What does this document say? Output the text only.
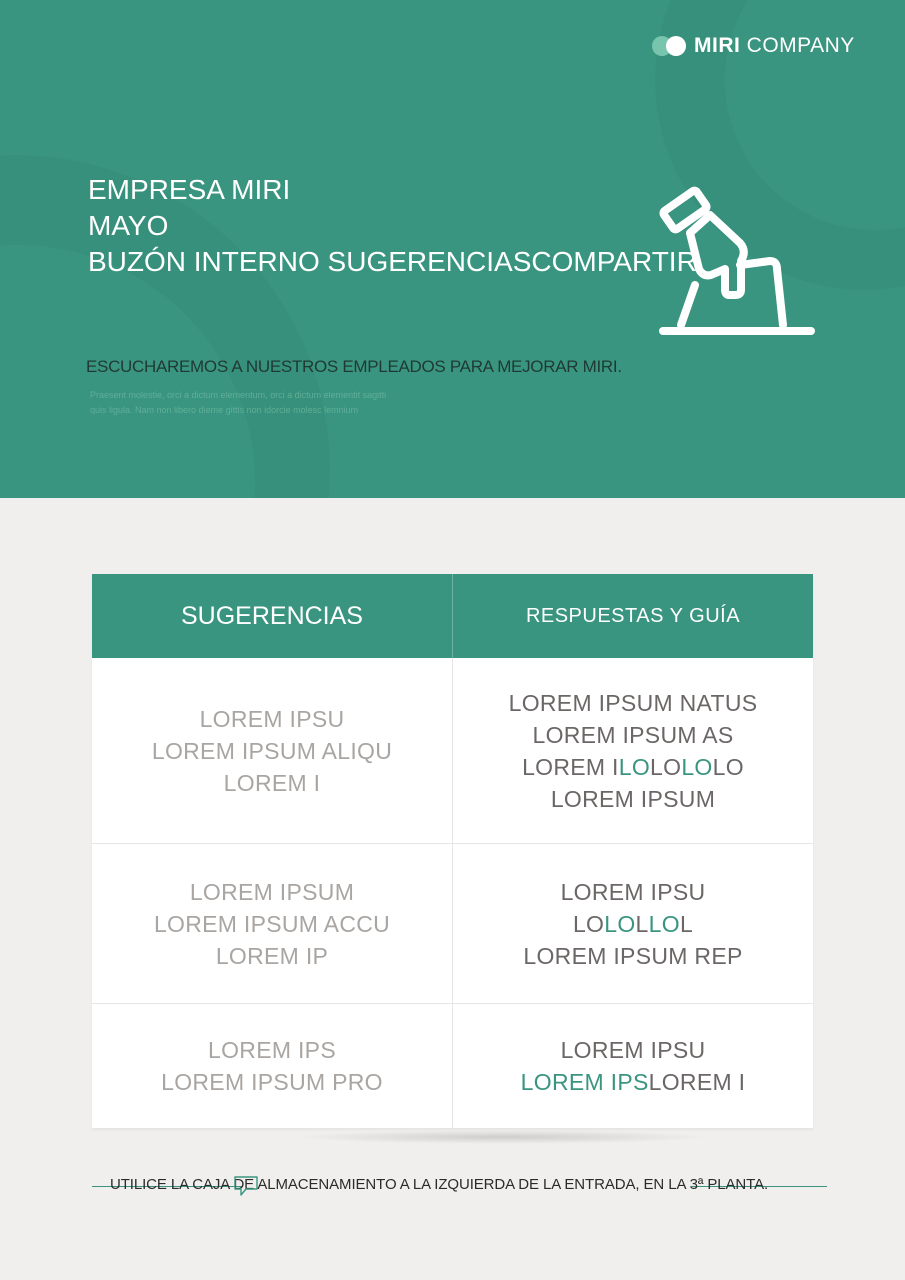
MIRI COMPANY
EMPRESA MIRI
MAYO
BUZÓN INTERNO SUGERENCIASCOMPARTIR
ESCUCHAREMOS A NUESTROS EMPLEADOS PARA MEJORAR MIRI.
Praesent molestie, orci a dictum elementum, orci a dictum elementit sagitti
quis ligula. Nam non libero dieme gittis non idorcie molesc lemnium
SUGERENCIAS	RESPUESTAS Y GUÍA
LOREM IPSU
LOREM IPSUM ALIQU
LOREM I
LOREM IPSUM NATUS
LOREM IPSUM AS
LOREM ILOLOLOLO
LOREM IPSUM
LOREM IPSUM
LOREM IPSUM ACCU
LOREM IP
LOREM IPSU
LOLOLLOL
LOREM IPSUM REP
LOREM IPS
LOREM IPSUM PRO
LOREM IPSU
LOREM IPSLOREM I
UTILICE LA CAJA DE ALMACENAMIENTO A LA IZQUIERDA DE LA ENTRADA, EN LA 3ª PLANTA.
